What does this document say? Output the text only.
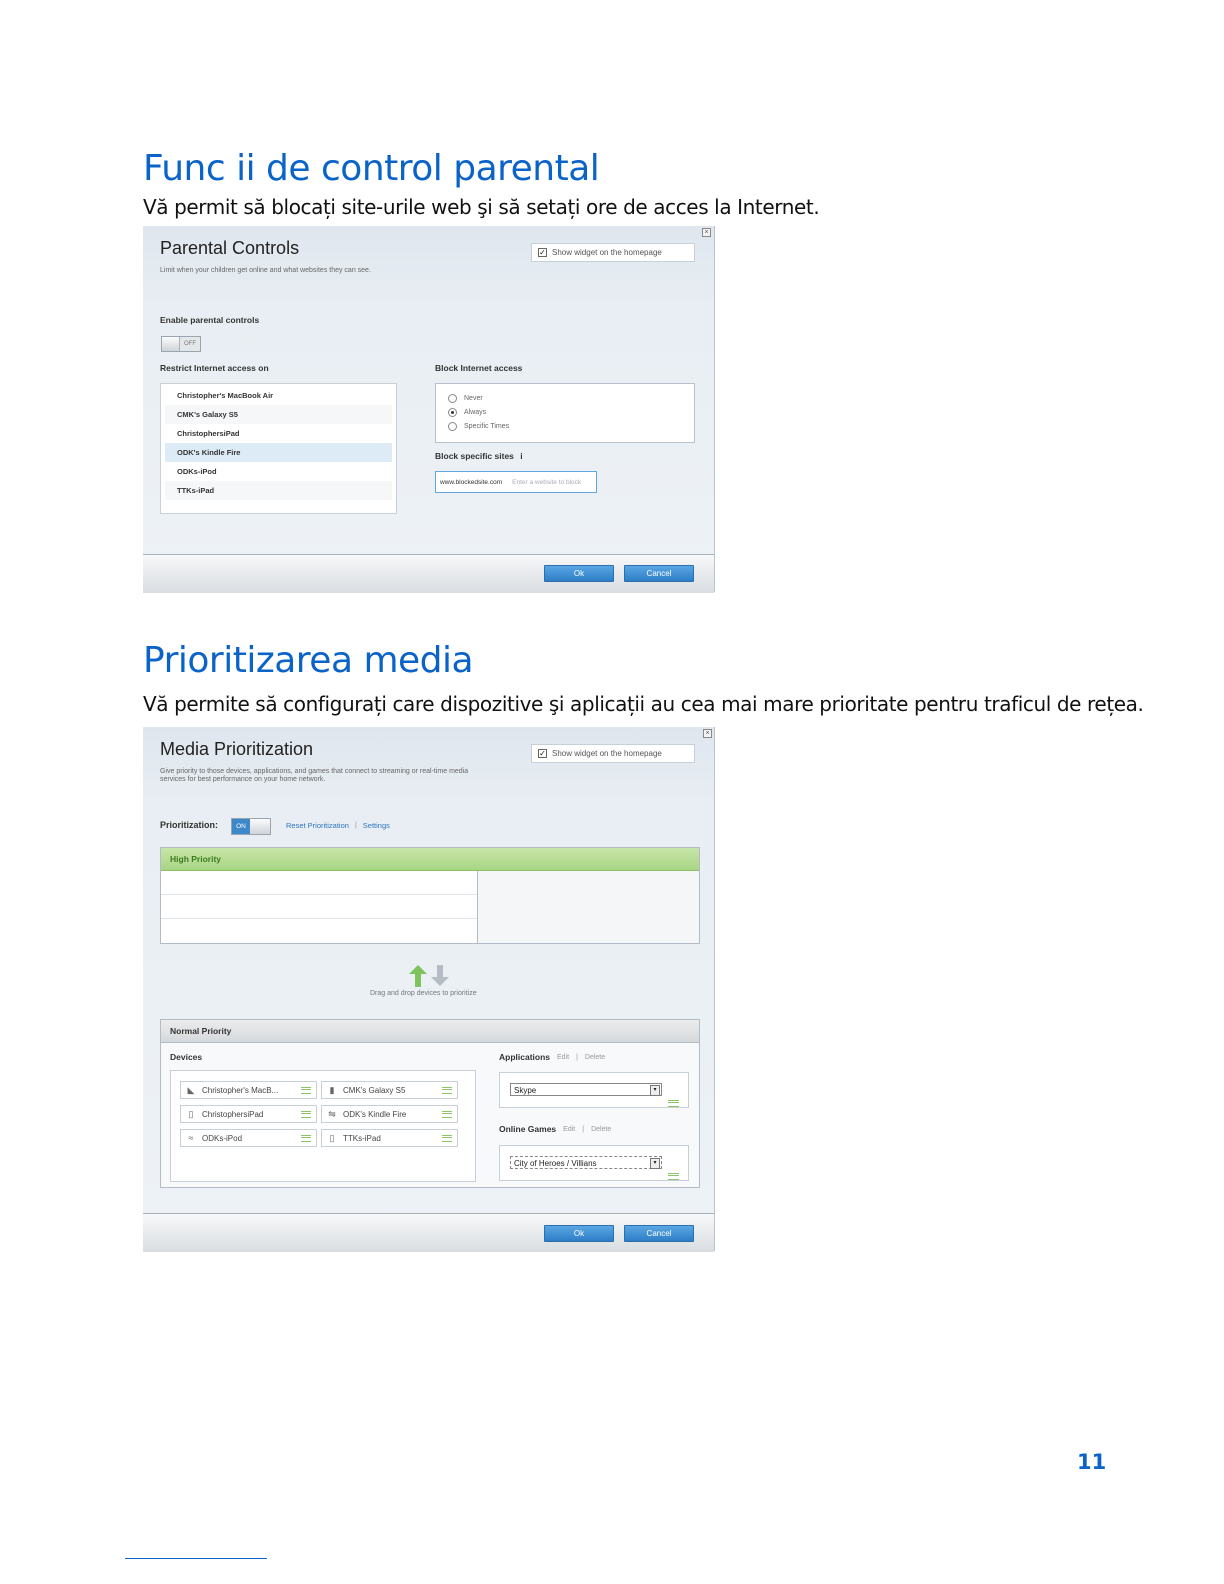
Func ii de control parental
Vă permit să blocați site-urile web şi să setați ore de acces la Internet.
Parental Controls
Limit when your children get online and what websites they can see.
✓ Show widget on the homepage
×
Enable parental controls
OFF
Restrict Internet access on
Christopher's MacBook Air
CMK's Galaxy S5
ChristophersiPad
ODK's Kindle Fire
ODKs-iPod
TTKs-iPad
Block Internet access
Never
Always
Specific Times
Block specific sites i
www.blockedsite.com Enter a website to block
Ok	Cancel
Prioritizarea media
Vă permite să configurați care dispozitive şi aplicații au cea mai mare prioritate pentru traficul de rețea.
Media Prioritization
Give priority to those devices, applications, and games that connect to streaming or real-time media
services for best performance on your home network.
✓ Show widget on the homepage
×
Prioritization:	ON	Reset Prioritization | Settings
High Priority
Drag and drop devices to prioritize
Normal Priority
Devices
◣ Christopher's MacB...	▮	CMK's Galaxy S5
▯	ChristophersiPad	⇋ ODK's Kindle Fire
≈	ODKs-iPod	▯	TTKs-iPad
Applications Edit | Delete
Skype	▾
Online Games Edit | Delete
City of Heroes / Villians	▾
Ok	Cancel
11
